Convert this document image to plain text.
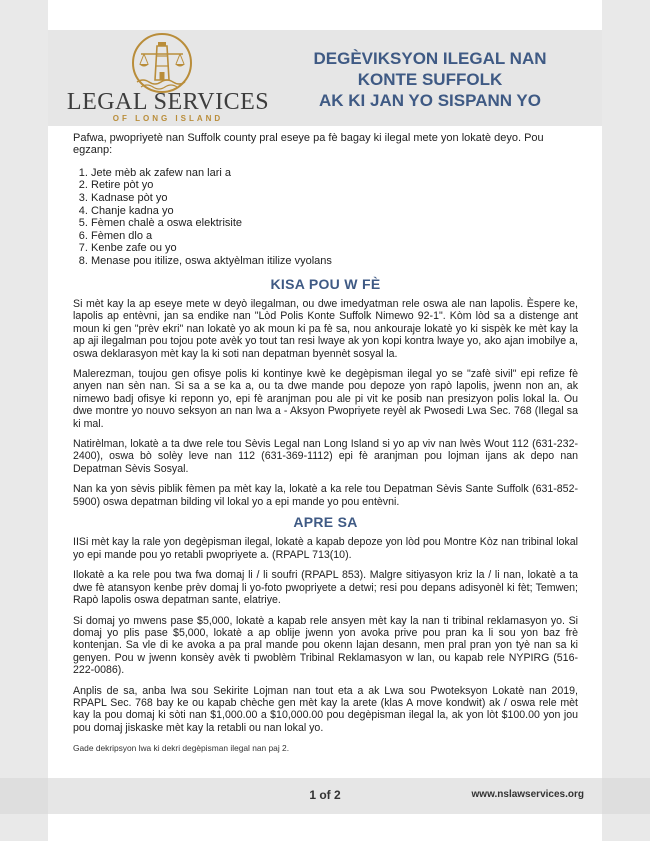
LEGAL SERVICES
OF LONG ISLAND
DEGÈVIKSYON ILEGAL NAN
KONTE SUFFOLK
AK KI JAN YO SISPANN YO

Pafwa, pwopriyetè nan Suffolk county pral eseye pa fè bagay ki ilegal mete yon lokatè deyo. Pou egzanp:

1. Jete mèb ak zafew nan lari a
2. Retire pòt yo
3. Kadnase pòt yo
4. Chanje kadna yo
5. Fèmen chalè a oswa elektrisite
6. Fèmen dlo a
7. Kenbe zafe ou yo
8. Menase pou itilize, oswa aktyèlman itilize vyolans
KISA POU W FÈ

Si mèt kay la ap eseye mete w deyò ilegalman, ou dwe imedyatman rele oswa ale nan lapolis. Èspere ke, lapolis ap entèvni, jan sa endike nan "Lòd Polis Konte Suffolk Nimewo 92-1". Kòm lòd sa a distenge ant moun ki gen "prèv ekri" nan lokatè yo ak moun ki pa fè sa, nou ankouraje lokatè yo ki sispèk ke mèt kay la ap aji ilegalman pou tojou pote avèk yo tout tan resi lwaye ak yon kopi kontra lwaye yo, ako ajan imobilye a, oswa deklarasyon mèt kay la ki soti nan depatman byennèt sosyal la.

Malerezman, toujou gen ofisye polis ki kontinye kwè ke degèpisman ilegal yo se "zafè sivil" epi refize fè anyen nan sèn nan. Si sa a se ka a, ou ta dwe mande pou depoze yon rapò lapolis, jwenn non an, ak nimewo badj ofisye ki reponn yo, epi fè aranjman pou ale pi vit ke posib nan presizyon polis lokal la. Ou dwe montre yo nouvo seksyon an nan lwa a - Aksyon Pwopriyete reyèl ak Pwosedi Lwa Sec. 768 (Ilegal sa ki mal.

Natirèlman, lokatè a ta dwe rele tou Sèvis Legal nan Long Island si yo ap viv nan lwès Wout 112 (631-232-2400), oswa bò solèy leve nan 112 (631-369-1112) epi fè aranjman pou lojman ijans ak depo nan Depatman Sèvis Sosyal.

Nan ka yon sèvis piblik fèmen pa mèt kay la, lokatè a ka rele tou Depatman Sèvis Sante Suffolk (631-852-5900) oswa depatman bilding vil lokal yo a epi mande yo pou entèvni.

APRE SA

IISi mèt kay la rale yon degèpisman ilegal, lokatè a kapab depoze yon lòd pou Montre Kòz nan tribinal lokal yo epi mande pou yo retabli pwopriyete a. (RPAPL 713(10).

Ilokatè a ka rele pou twa fwa domaj li / li soufri (RPAPL 853). Malgre sitiyasyon kriz la / li nan, lokatè a ta dwe fè atansyon kenbe prèv domaj li yo-foto pwopriyete a detwi; resi pou depans adisyonèl ki fèt; Temwen; Rapò lapolis oswa depatman sante, elatriye.

Si domaj yo mwens pase $5,000, lokatè a kapab rele ansyen mèt kay la nan ti tribinal reklamasyon yo. Si domaj yo plis pase $5,000, lokatè a ap oblije jwenn yon avoka prive pou pran ka li sou yon baz frè kontenjan. Sa vle di ke avoka a pa pral mande pou okenn lajan desann, men pral pran yon tyè nan sa ki genyen. Pou w jwenn konsèy avèk ti pwoblèm Tribinal Reklamasyon w lan, ou kapab rele NYPIRG (516-222-0086).

Anplis de sa, anba lwa sou Sekirite Lojman nan tout eta a ak Lwa sou Pwoteksyon Lokatè nan 2019, RPAPL Sec. 768 bay ke ou kapab chèche gen mèt kay la arete (klas A move kondwit) ak / oswa rele mèt kay la pou domaj ki sòti nan $1,000.00 a $10,000.00 pou degèpisman ilegal la, ak yon lòt $100.00 yon jou pou domaj jiskaske mèt kay la retabli ou nan lokal yo.

Gade dekripsyon lwa ki dekri degèpisman ilegal nan paj 2.
1 of 2	www.nslawservices.org
